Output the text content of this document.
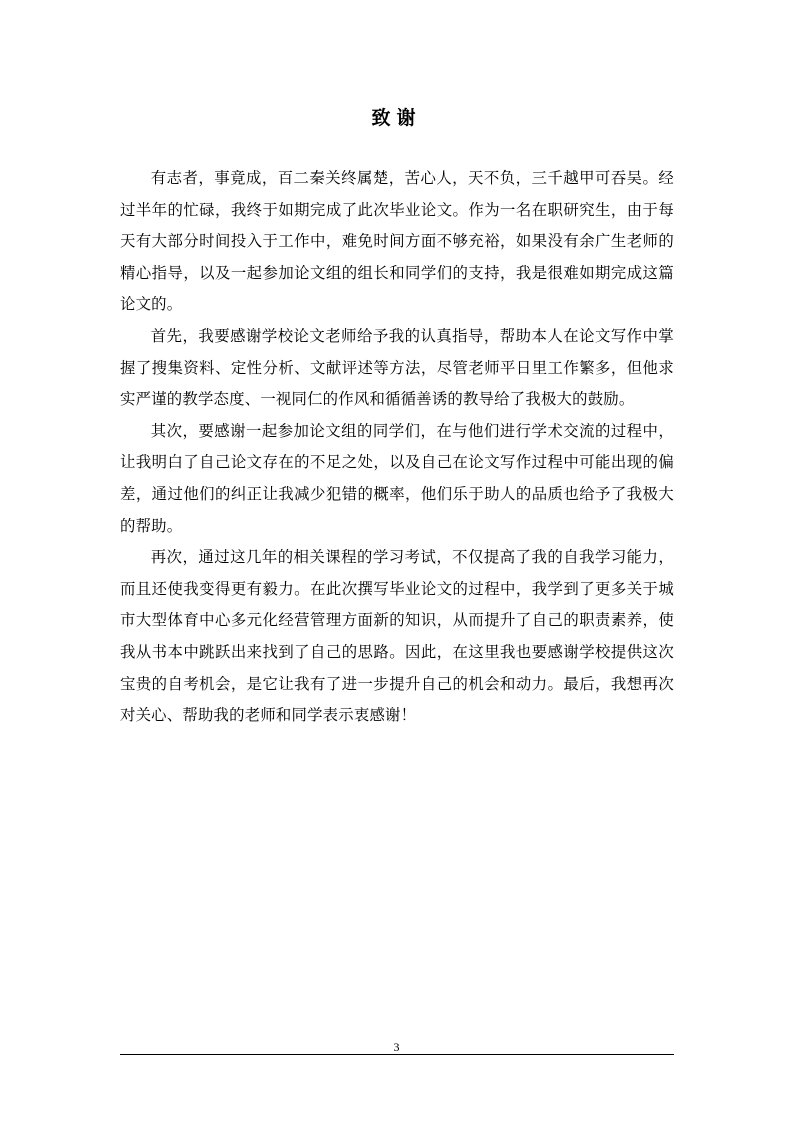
致谢

有志者，事竟成，百二秦关终属楚，苦心人，天不负，三千越甲可吞吴。经过半年的忙碌，我终于如期完成了此次毕业论文。作为一名在职研究生，由于每天有大部分时间投入于工作中，难免时间方面不够充裕，如果没有余广生老师的精心指导，以及一起参加论文组的组长和同学们的支持，我是很难如期完成这篇论文的。

首先，我要感谢学校论文老师给予我的认真指导，帮助本人在论文写作中掌握了搜集资料、定性分析、文献评述等方法，尽管老师平日里工作繁多，但他求实严谨的教学态度、一视同仁的作风和循循善诱的教导给了我极大的鼓励。

其次，要感谢一起参加论文组的同学们，在与他们进行学术交流的过程中，让我明白了自己论文存在的不足之处，以及自己在论文写作过程中可能出现的偏差，通过他们的纠正让我减少犯错的概率，他们乐于助人的品质也给予了我极大的帮助。

再次，通过这几年的相关课程的学习考试，不仅提高了我的自我学习能力，而且还使我变得更有毅力。在此次撰写毕业论文的过程中，我学到了更多关于城市大型体育中心多元化经营管理方面新的知识，从而提升了自己的职责素养，使我从书本中跳跃出来找到了自己的思路。因此，在这里我也要感谢学校提供这次宝贵的自考机会，是它让我有了进一步提升自己的机会和动力。最后，我想再次对关心、帮助我的老师和同学表示衷感谢！

3
